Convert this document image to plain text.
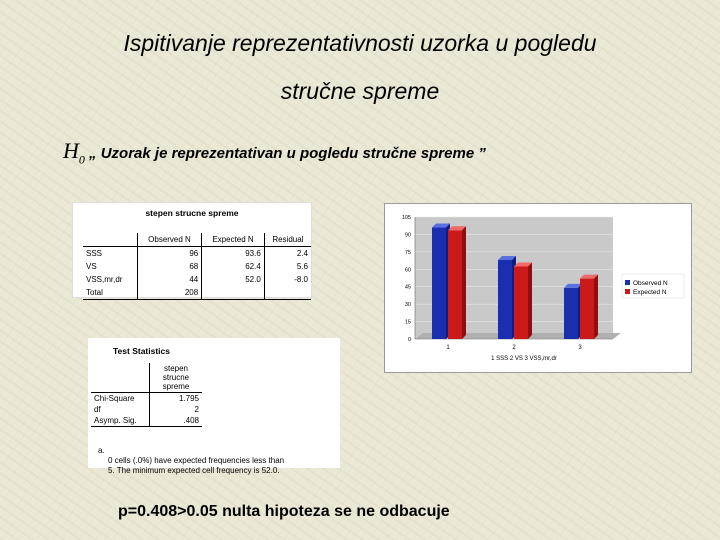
Ispitivanje reprezentativnosti uzorka u pogledu
stručne spreme
$H_0$ „ Uzorak je reprezentativan u pogledu stručne spreme ”
stepen strucne spreme
	Observed N	Expected N	Residual
SSS	96	93.6	2.4
VS	68	62.4	5.6
VSS,mr,dr	44	52.0	-8.0
Total	208		
Test Statistics
	stepen strucne spreme
Chi-Square	1.795
df	2
Asymp. Sig.	.408
a.
0 cells (.0%) have expected frequencies less than
5. The minimum expected cell frequency is 52.0.
0
15
30
45
60
75
90
105
1	2	3
1 SSS 2 VS 3 VSS,mr,dr
Observed N
Expected N
p=0.408>0.05 nulta hipoteza se ne odbacuje
